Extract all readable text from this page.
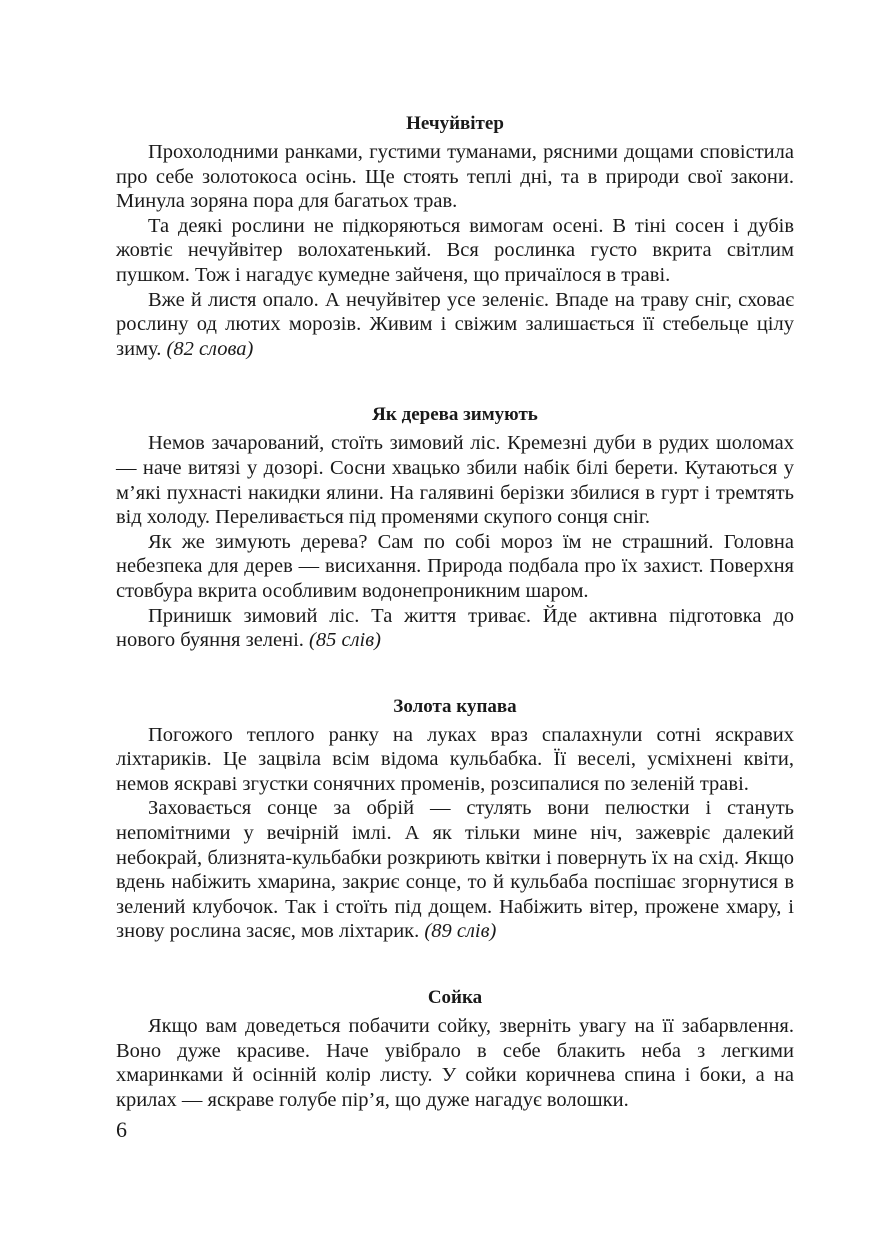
Нечуйвітер

Прохолодними ранками, густими туманами, рясними дощами сповістила про себе золотокоса осінь. Ще стоять теплі дні, та в природи свої закони. Минула зоряна пора для багатьох трав.

Та деякі рослини не підкоряються вимогам осені. В тіні сосен і дубів жовтіє нечуйвітер волохатенький. Вся рослинка густо вкрита світлим пушком. Тож і нагадує кумедне зайченя, що причаїлося в траві.

Вже й листя опало. А нечуйвітер усе зеленіє. Впаде на траву сніг, сховає рослину од лютих морозів. Живим і свіжим залишається її стебельце цілу зиму. (82 слова)

Як дерева зимують

Немов зачарований, стоїть зимовий ліс. Кремезні дуби в рудих шоломах — наче витязі у дозорі. Сосни хвацько збили набік білі берети. Кутаються у м’які пухнасті накидки ялини. На галявині берізки збилися в гурт і тремтять від холоду. Переливається під променями скупого сонця сніг.

Як же зимують дерева? Сам по собі мороз їм не страшний. Головна небезпека для дерев — висихання. Природа подбала про їх захист. Поверхня стовбура вкрита особливим водонепроникним шаром.

Принишк зимовий ліс. Та життя триває. Йде активна підготовка до нового буяння зелені. (85 слів)

Золота купава

Погожого теплого ранку на луках враз спалахнули сотні яскравих ліхтариків. Це зацвіла всім відома кульбабка. Її веселі, усміхнені квіти, немов яскраві згустки сонячних променів, розсипалися по зеленій траві.

Заховається сонце за обрій — стулять вони пелюстки і стануть непомітними у вечірній імлі. А як тільки мине ніч, зажевріє далекий небокрай, близнята-кульбабки розкриють квітки і повернуть їх на схід. Якщо вдень набіжить хмарина, закриє сонце, то й кульбаба поспішає згорнутися в зелений клубочок. Так і стоїть під дощем. Набіжить вітер, прожене хмару, і знову рослина засяє, мов ліхтарик. (89 слів)

Сойка

Якщо вам доведеться побачити сойку, зверніть увагу на її забарвлення. Воно дуже красиве. Наче увібрало в себе блакить неба з легкими хмаринками й осінній колір листу. У сойки коричнева спина і боки, а на крилах — яскраве голубе пір’я, що дуже нагадує волошки.

6
